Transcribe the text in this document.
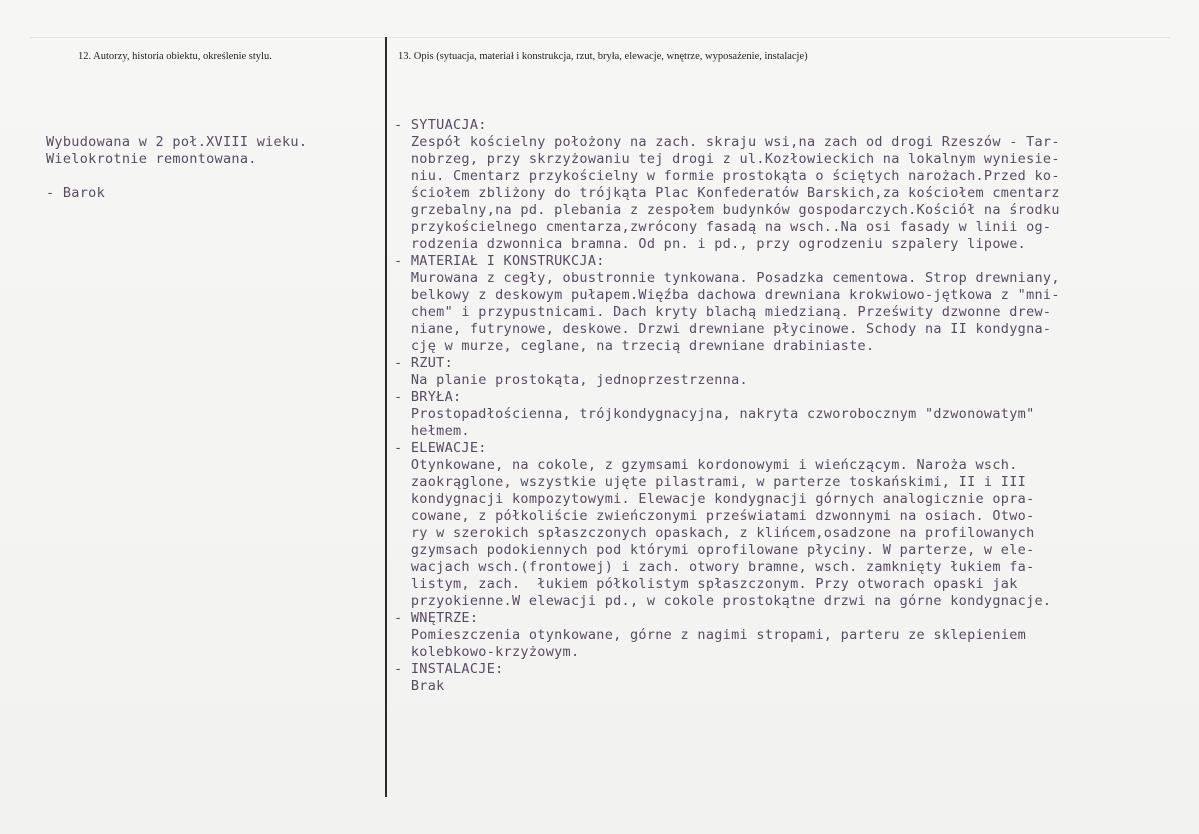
12. Autorzy, historia obiektu, określenie stylu.	13. Opis (sytuacja, materiał i konstrukcja, rzut, bryła, elewacje, wnętrze, wyposażenie, instalacje)
Wybudowana w 2 poł.XVIII wieku.
Wielokrotnie remontowana.
- Barok
- SYTUACJA:
Zespół kościelny położony na zach. skraju wsi,na zach od drogi Rzeszów - Tar-
nobrzeg, przy skrzyżowaniu tej drogi z ul.Kozłowieckich na lokalnym wyniesie-
niu. Cmentarz przykościelny w formie prostokąta o ściętych narożach.Przed ko-
ściołem zbliżony do trójkąta Plac Konfederatów Barskich,za kościołem cmentarz
grzebalny,na pd. plebania z zespołem budynków gospodarczych.Kościół na środku
przykościelnego cmentarza,zwrócony fasadą na wsch..Na osi fasady w linii og-
rodzenia dzwonnica bramna. Od pn. i pd., przy ogrodzeniu szpalery lipowe.
- MATERIAŁ I KONSTRUKCJA:
Murowana z cegły, obustronnie tynkowana. Posadzka cementowa. Strop drewniany,
belkowy z deskowym pułapem.Więźba dachowa drewniana krokwiowo-jętkowa z "mni-
chem" i przypustnicami. Dach kryty blachą miedzianą. Prześwity dzwonne drew-
niane, futrynowe, deskowe. Drzwi drewniane płycinowe. Schody na II kondygna-
cję w murze, ceglane, na trzecią drewniane drabiniaste.
- RZUT:
Na planie prostokąta, jednoprzestrzenna.
- BRYŁA:
Prostopadłościenna, trójkondygnacyjna, nakryta czworobocznym "dzwonowatym"
hełmem.
- ELEWACJE:
Otynkowane, na cokole, z gzymsami kordonowymi i wieńczącym. Naroża wsch.
zaokrąglone, wszystkie ujęte pilastrami, w parterze toskańskimi, II i III
kondygnacji kompozytowymi. Elewacje kondygnacji górnych analogicznie opra-
cowane, z półkoliście zwieńczonymi przeświatami dzwonnymi na osiach. Otwo-
ry w szerokich spłaszczonych opaskach, z klińcem,osadzone na profilowanych
gzymsach podokiennych pod którymi oprofilowane płyciny. W parterze, w ele-
wacjach wsch.(frontowej) i zach. otwory bramne, wsch. zamknięty łukiem fa-
listym, zach.  łukiem półkolistym spłaszczonym. Przy otworach opaski jak
przyokienne.W elewacji pd., w cokole prostokątne drzwi na górne kondygnacje.
- WNĘTRZE:
Pomieszczenia otynkowane, górne z nagimi stropami, parteru ze sklepieniem
kolebkowo-krzyżowym.
- INSTALACJE:
Brak
